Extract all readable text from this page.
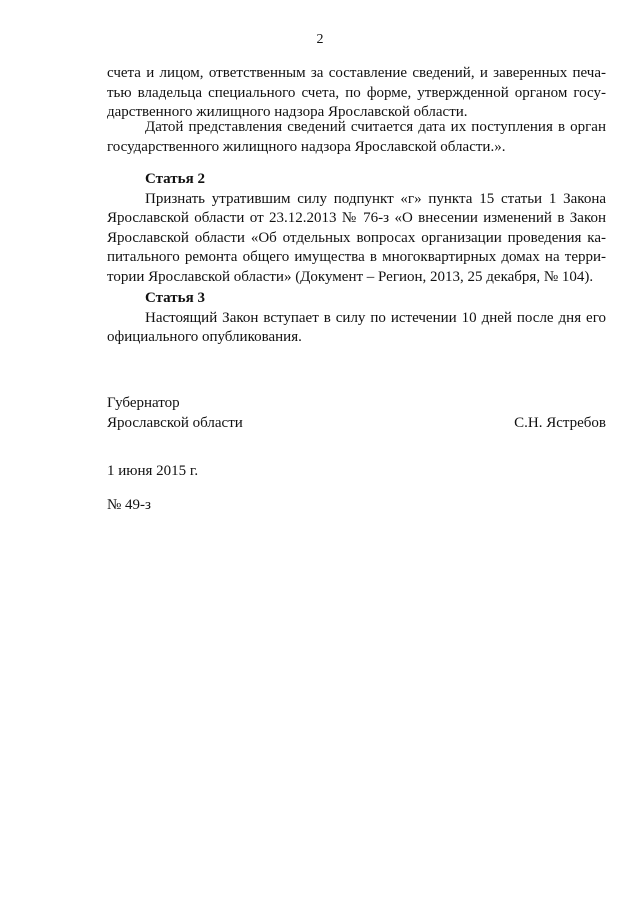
2
счета и лицом, ответственным за составление сведений, и заверенных печа-
тью владельца специального счета, по форме, утвержденной органом госу-
дарственного жилищного надзора Ярославской области.
Датой представления сведений считается дата их поступления в орган
государственного жилищного надзора Ярославской области.».
Статья 2
Признать утратившим силу подпункт «г» пункта 15 статьи 1 Закона
Ярославской области от 23.12.2013 № 76-з «О внесении изменений в Закон
Ярославской области «Об отдельных вопросах организации проведения ка-
питального ремонта общего имущества в многоквартирных домах на терри-
тории Ярославской области» (Документ – Регион, 2013, 25 декабря, № 104).
Статья 3
Настоящий Закон вступает в силу по истечении 10 дней после дня его
официального опубликования.
Губернатор
Ярославской области	С.Н. Ястребов
1 июня 2015 г.
№ 49-з
